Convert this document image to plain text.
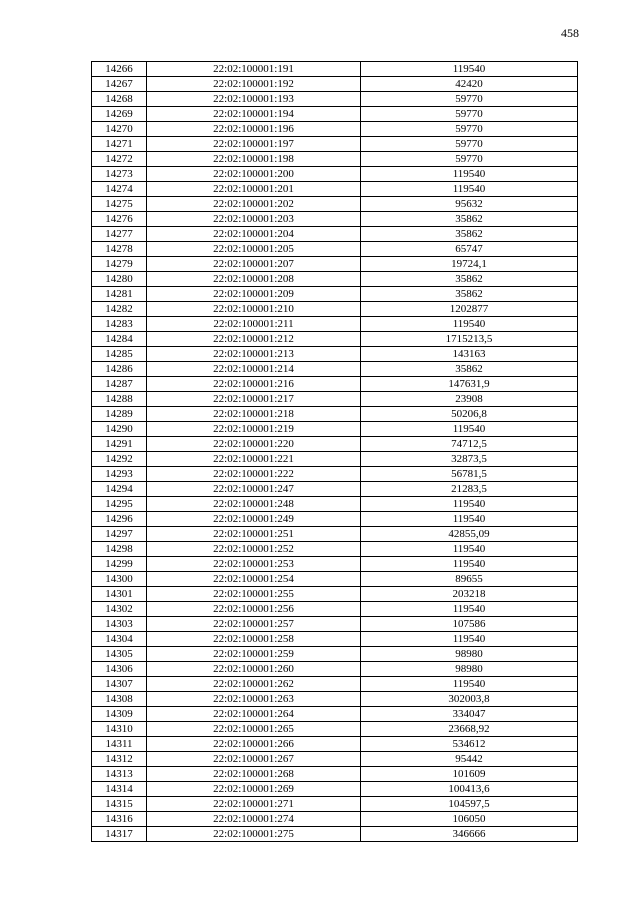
458
14266	22:02:100001:191	119540
14267	22:02:100001:192	42420
14268	22:02:100001:193	59770
14269	22:02:100001:194	59770
14270	22:02:100001:196	59770
14271	22:02:100001:197	59770
14272	22:02:100001:198	59770
14273	22:02:100001:200	119540
14274	22:02:100001:201	119540
14275	22:02:100001:202	95632
14276	22:02:100001:203	35862
14277	22:02:100001:204	35862
14278	22:02:100001:205	65747
14279	22:02:100001:207	19724,1
14280	22:02:100001:208	35862
14281	22:02:100001:209	35862
14282	22:02:100001:210	1202877
14283	22:02:100001:211	119540
14284	22:02:100001:212	1715213,5
14285	22:02:100001:213	143163
14286	22:02:100001:214	35862
14287	22:02:100001:216	147631,9
14288	22:02:100001:217	23908
14289	22:02:100001:218	50206,8
14290	22:02:100001:219	119540
14291	22:02:100001:220	74712,5
14292	22:02:100001:221	32873,5
14293	22:02:100001:222	56781,5
14294	22:02:100001:247	21283,5
14295	22:02:100001:248	119540
14296	22:02:100001:249	119540
14297	22:02:100001:251	42855,09
14298	22:02:100001:252	119540
14299	22:02:100001:253	119540
14300	22:02:100001:254	89655
14301	22:02:100001:255	203218
14302	22:02:100001:256	119540
14303	22:02:100001:257	107586
14304	22:02:100001:258	119540
14305	22:02:100001:259	98980
14306	22:02:100001:260	98980
14307	22:02:100001:262	119540
14308	22:02:100001:263	302003,8
14309	22:02:100001:264	334047
14310	22:02:100001:265	23668,92
14311	22:02:100001:266	534612
14312	22:02:100001:267	95442
14313	22:02:100001:268	101609
14314	22:02:100001:269	100413,6
14315	22:02:100001:271	104597,5
14316	22:02:100001:274	106050
14317	22:02:100001:275	346666
